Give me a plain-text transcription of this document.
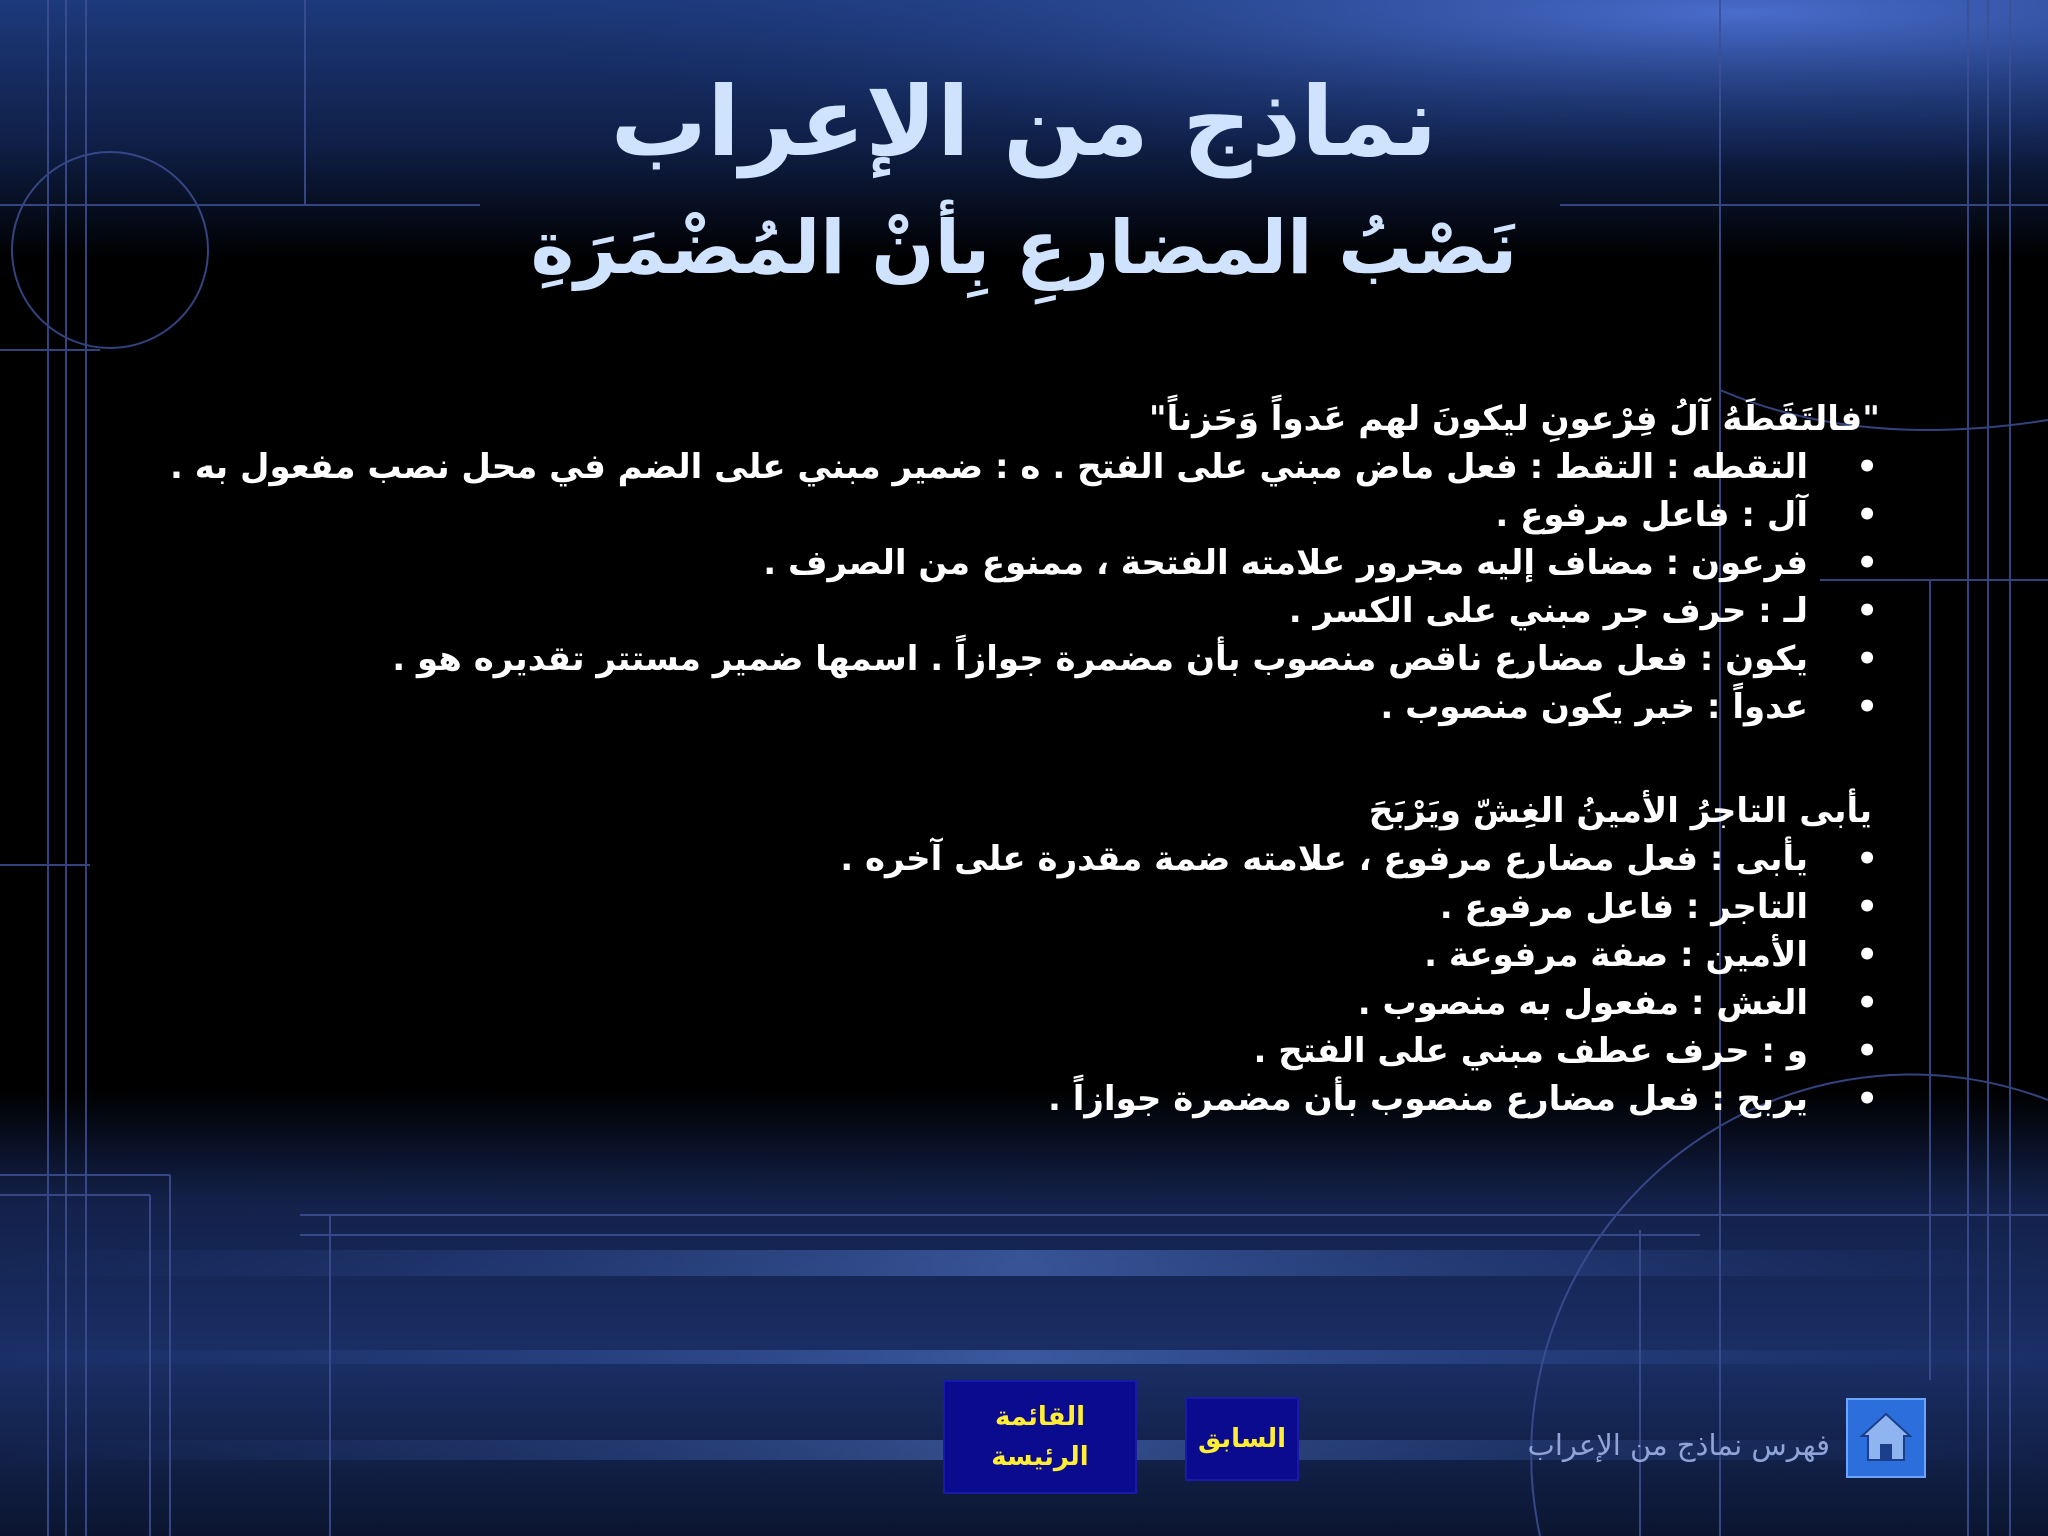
نماذج من الإعراب
نَصْبُ المضارعِ بِأنْ المُضْمَرَةِ

"فالتَقَطَهُ آلُ فِرْعونِ ليكونَ لهم عَدواً وَحَزناً"

•
التقطه : التقط : فعل ماض مبني على الفتح . ه : ضمير مبني على الضم في محل نصب مفعول به .
•
آل : فاعل مرفوع .
•
فرعون : مضاف إليه مجرور علامته الفتحة ، ممنوع من الصرف .
•
لـ : حرف جر مبني على الكسر .
•
يكون : فعل مضارع ناقص منصوب بأن مضمرة جوازاً . اسمها ضمير مستتر تقديره هو .
•
عدواً : خبر يكون منصوب .

يأبى التاجرُ الأمينُ الغِشّ ويَرْبَحَ

•
يأبى : فعل مضارع مرفوع ، علامته ضمة مقدرة على آخره .
•
التاجر : فاعل مرفوع .
•
الأمين : صفة مرفوعة .
•
الغش : مفعول به منصوب .
•
و : حرف عطف مبني على الفتح .
•
يربح : فعل مضارع منصوب بأن مضمرة جوازاً .
القائمة الرئيسة
السابق	فهرس نماذج من الإعراب
